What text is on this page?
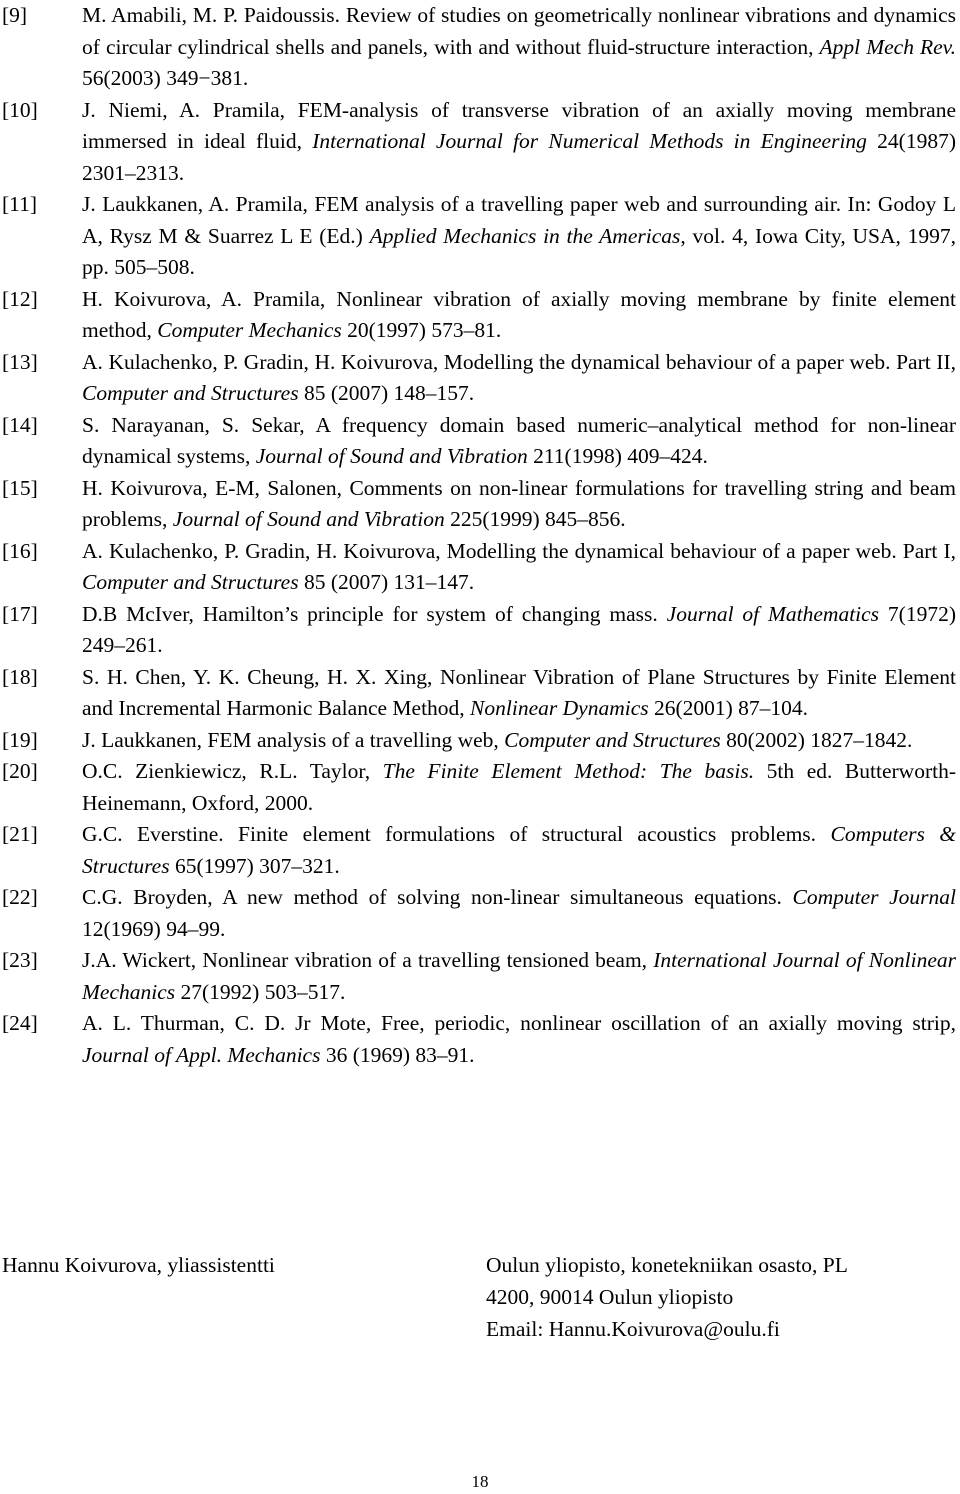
[9]	M. Amabili, M. P. Paidoussis. Review of studies on geometrically nonlinear vibrations and dynamics of circular cylindrical shells and panels, with and without fluid-structure interaction, Appl Mech Rev. 56(2003) 349−381.
[10]	J. Niemi, A. Pramila, FEM-analysis of transverse vibration of an axially moving membrane immersed in ideal fluid, International Journal for Numerical Methods in Engineering 24(1987) 2301–2313.
[11]	J. Laukkanen, A. Pramila, FEM analysis of a travelling paper web and surrounding air. In: Godoy L A, Rysz M & Suarrez L E (Ed.) Applied Mechanics in the Americas, vol. 4, Iowa City, USA, 1997, pp. 505–508.
[12]	H. Koivurova, A. Pramila, Nonlinear vibration of axially moving membrane by finite element method, Computer Mechanics 20(1997) 573–81.
[13]	A. Kulachenko, P. Gradin, H. Koivurova, Modelling the dynamical behaviour of a paper web. Part II, Computer and Structures 85 (2007) 148–157.
[14]	S. Narayanan, S. Sekar, A frequency domain based numeric–analytical method for non-linear dynamical systems, Journal of Sound and Vibration 211(1998) 409–424.
[15]	H. Koivurova, E-M, Salonen, Comments on non-linear formulations for travelling string and beam problems, Journal of Sound and Vibration 225(1999) 845–856.
[16]	A. Kulachenko, P. Gradin, H. Koivurova, Modelling the dynamical behaviour of a paper web. Part I, Computer and Structures 85 (2007) 131–147.
[17]	D.B McIver, Hamilton’s principle for system of changing mass. Journal of Mathematics 7(1972) 249–261.
[18]	S. H. Chen, Y. K. Cheung, H. X. Xing, Nonlinear Vibration of Plane Structures by Finite Element and Incremental Harmonic Balance Method, Nonlinear Dynamics 26(2001) 87–104.
[19]	J. Laukkanen, FEM analysis of a travelling web, Computer and Structures 80(2002) 1827–1842.
[20]	O.C. Zienkiewicz, R.L. Taylor, The Finite Element Method: The basis. 5th ed. Butterworth-Heinemann, Oxford, 2000.
[21]	G.C. Everstine. Finite element formulations of structural acoustics problems. Computers & Structures 65(1997) 307–321.
[22]	C.G. Broyden, A new method of solving non-linear simultaneous equations. Computer Journal 12(1969) 94–99.
[23]	J.A. Wickert, Nonlinear vibration of a travelling tensioned beam, International Journal of Nonlinear Mechanics 27(1992) 503–517.
[24]	A. L. Thurman, C. D. Jr Mote, Free, periodic, nonlinear oscillation of an axially moving strip, Journal of Appl. Mechanics 36 (1969) 83–91.
Hannu Koivurova, yliassistentti	Oulun yliopisto, konetekniikan osasto, PL
4200, 90014 Oulun yliopisto
Email: Hannu.Koivurova@oulu.fi
18
